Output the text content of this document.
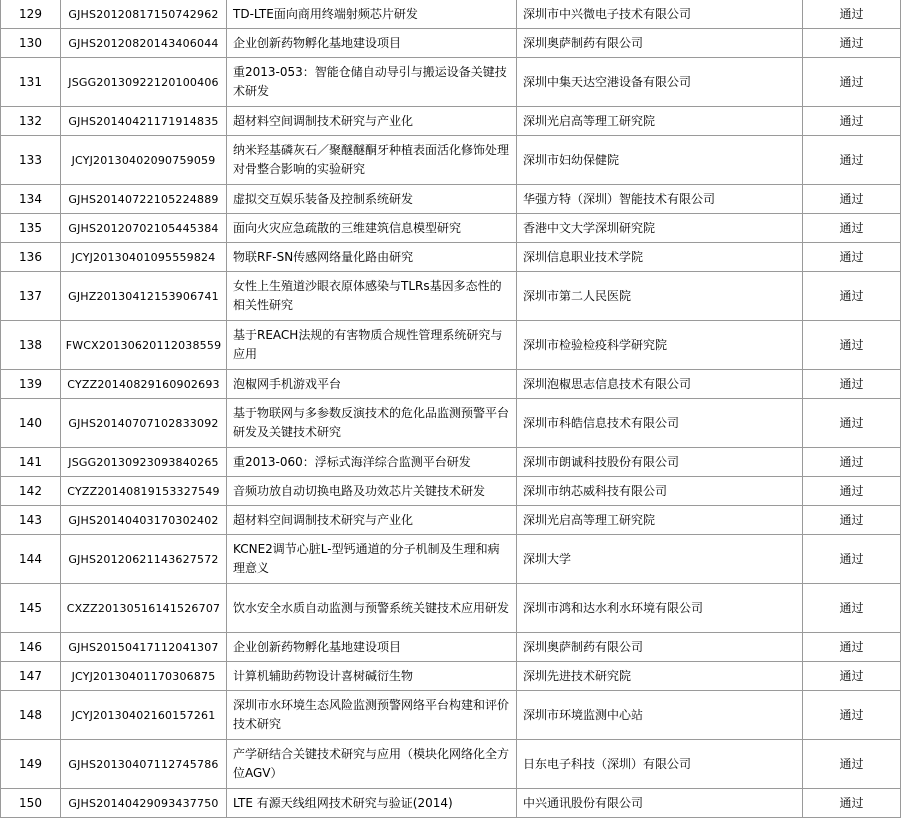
129	GJHS20120817150742962	TD-LTE面向商用终端射频芯片研发	深圳市中兴微电子技术有限公司	通过
130	GJHS20120820143406044	企业创新药物孵化基地建设项目	深圳奥萨制药有限公司	通过
131	JSGG20130922120100406	重2013-053：智能仓储自动导引与搬运设备关键技术研发	深圳中集天达空港设备有限公司	通过
132	GJHS20140421171914835	超材料空间调制技术研究与产业化	深圳光启高等理工研究院	通过
133	JCYJ20130402090759059	纳米羟基磷灰石／聚醚醚酮牙种植表面活化修饰处理对骨整合影响的实验研究	深圳市妇幼保健院	通过
134	GJHS20140722105224889	虚拟交互娱乐装备及控制系统研发	华强方特（深圳）智能技术有限公司	通过
135	GJHS20120702105445384	面向火灾应急疏散的三维建筑信息模型研究	香港中文大学深圳研究院	通过
136	JCYJ20130401095559824	物联RF-SN传感网络量化路由研究	深圳信息职业技术学院	通过
137	GJHZ20130412153906741	女性上生殖道沙眼衣原体感染与TLRs基因多态性的相关性研究	深圳市第二人民医院	通过
138	FWCX20130620112038559	基于REACH法规的有害物质合规性管理系统研究与应用	深圳市检验检疫科学研究院	通过
139	CYZZ20140829160902693	泡椒网手机游戏平台	深圳泡椒思志信息技术有限公司	通过
140	GJHS20140707102833092	基于物联网与多参数反演技术的危化品监测预警平台研发及关键技术研究	深圳市科皓信息技术有限公司	通过
141	JSGG20130923093840265	重2013-060：浮标式海洋综合监测平台研发	深圳市朗诚科技股份有限公司	通过
142	CYZZ20140819153327549	音频功放自动切换电路及功效芯片关键技术研发	深圳市纳芯威科技有限公司	通过
143	GJHS20140403170302402	超材料空间调制技术研究与产业化	深圳光启高等理工研究院	通过
144	GJHS20120621143627572	KCNE2调节心脏L-型钙通道的分子机制及生理和病理意义	深圳大学	通过
145	CXZZ20130516141526707	饮水安全水质自动监测与预警系统关键技术应用研发	深圳市鸿和达水利水环境有限公司	通过
146	GJHS20150417112041307	企业创新药物孵化基地建设项目	深圳奥萨制药有限公司	通过
147	JCYJ20130401170306875	计算机辅助药物设计喜树碱衍生物	深圳先进技术研究院	通过
148	JCYJ20130402160157261	深圳市水环境生态风险监测预警网络平台构建和评价技术研究	深圳市环境监测中心站	通过
149	GJHS20130407112745786	产学研结合关键技术研究与应用（模块化网络化全方位AGV）	日东电子科技（深圳）有限公司	通过
150	GJHS20140429093437750	LTE 有源天线组网技术研究与验证(2014)	中兴通讯股份有限公司	通过
